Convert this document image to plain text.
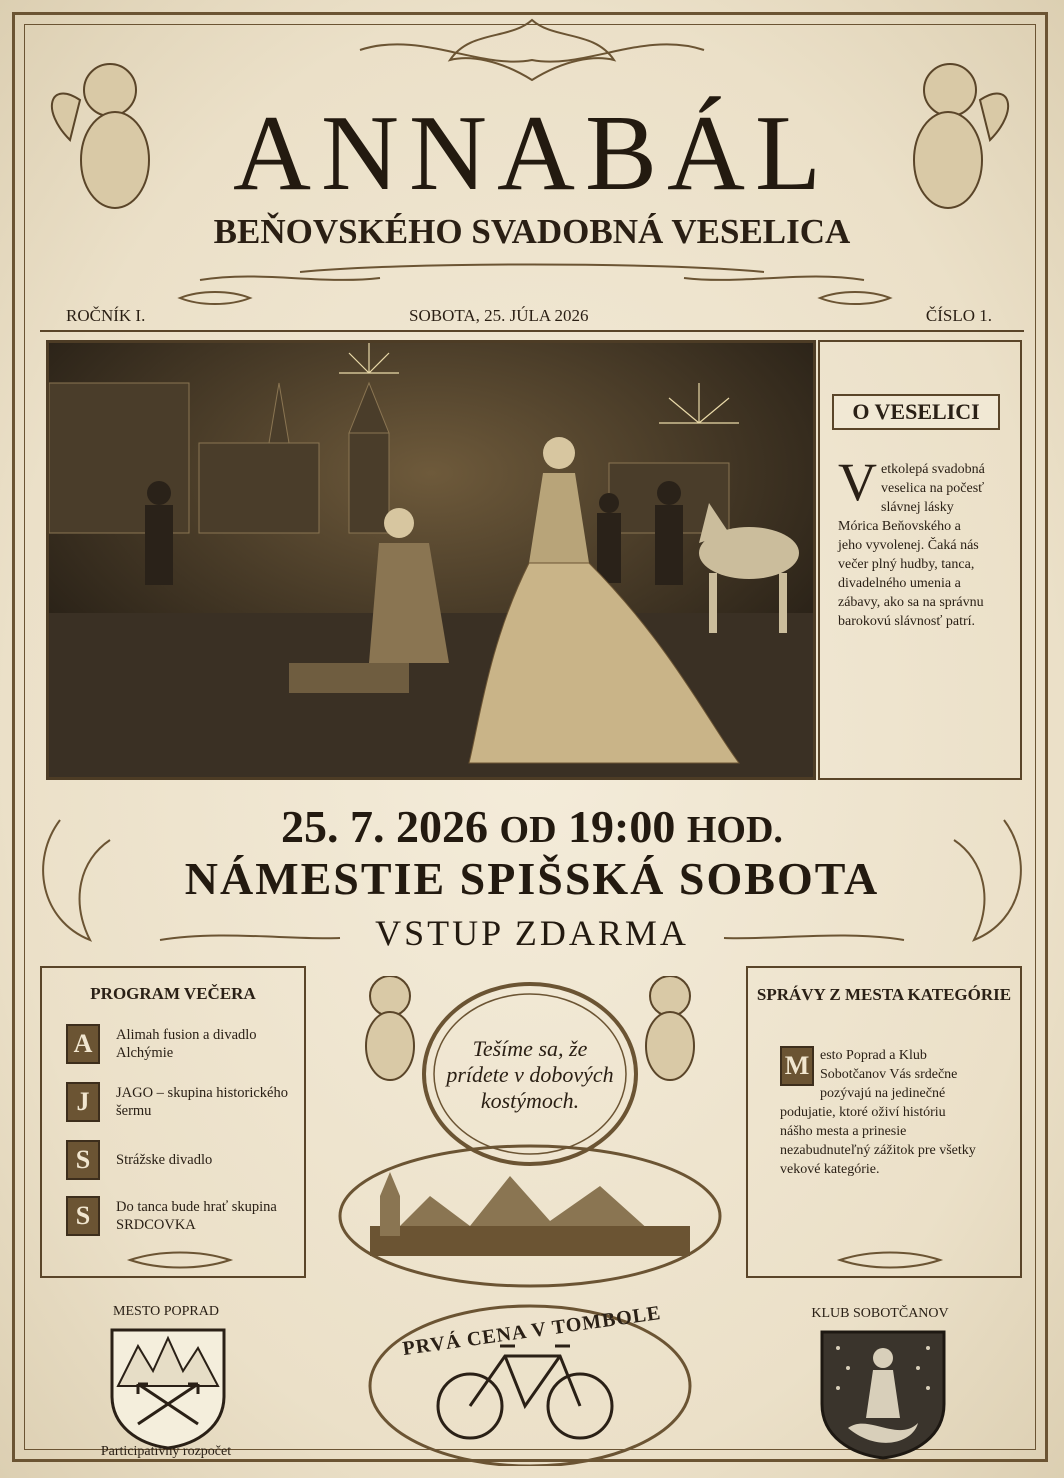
ANNABÁL
BEŇOVSKÉHO SVADOBNÁ VESELICA
ROČNÍK I.	SOBOTA, 25. JÚLA 2026	ČÍSLO 1.
O VESELICI
Vetkolepá svadobná veselica na počesť slávnej lásky Mórica Beňovského a jeho vyvolenej. Čaká nás večer plný hudby, tanca, divadelného umenia a zábavy, ako sa na správnu barokovú slávnosť patrí.
25. 7. 2026 OD 19:00 HOD.
NÁMESTIE SPIŠSKÁ SOBOTA
VSTUP ZDARMA
PROGRAM VEČERA
A	Alimah fusion a divadlo Alchýmie
J	JAGO – skupina historického šermu
S	Strážske divadlo
S	Do tanca bude hrať skupina SRDCOVKA
Tešíme sa, že prídete v dobových kostýmoch.
PRVÁ CENA V TOMBOLE
SPRÁVY Z MESTA KATEGÓRIE
M esto Poprad a Klub Sobotčanov Vás srdečne pozývajú na jedinečné podujatie, ktoré oživí históriu nášho mesta a prinesie nezabudnuteľný zážitok pre všetky vekové kategórie.
MESTO POPRAD
Participatívny rozpočet
KLUB SOBOTČANOV
